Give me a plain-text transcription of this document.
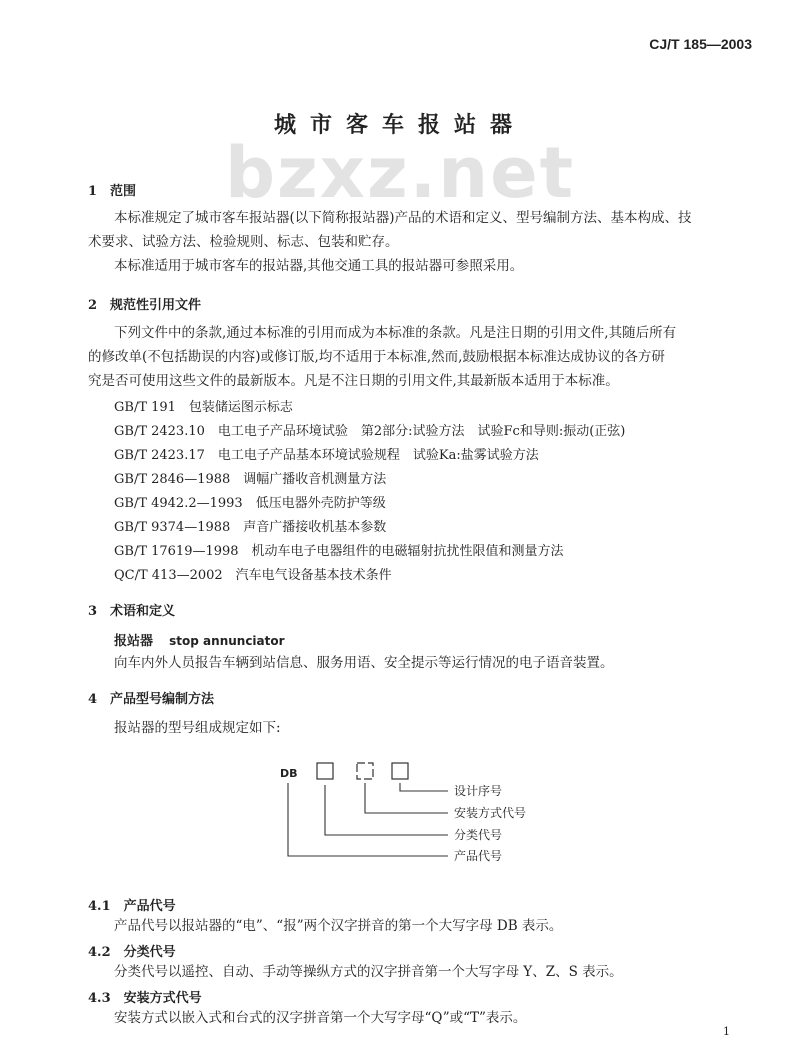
CJ/T 185—2003
bzxz.net
城市客车报站器
1　范围
本标准规定了城市客车报站器(以下简称报站器)产品的术语和定义、型号编制方法、基本构成、技
术要求、试验方法、检验规则、标志、包装和贮存。
本标准适用于城市客车的报站器,其他交通工具的报站器可参照采用。
2　规范性引用文件
下列文件中的条款,通过本标准的引用而成为本标准的条款。凡是注日期的引用文件,其随后所有
的修改单(不包括勘误的内容)或修订版,均不适用于本标准,然而,鼓励根据本标准达成协议的各方研
究是否可使用这些文件的最新版本。凡是不注日期的引用文件,其最新版本适用于本标准。
GB/T 191　包装储运图示标志
GB/T 2423.10　电工电子产品环境试验　第2部分:试验方法　试验Fc和导则:振动(正弦)
GB/T 2423.17　电工电子产品基本环境试验规程　试验Ka:盐雾试验方法
GB/T 2846—1988　调幅广播收音机测量方法
GB/T 4942.2—1993　低压电器外壳防护等级
GB/T 9374—1988　声音广播接收机基本参数
GB/T 17619—1998　机动车电子电器组件的电磁辐射抗扰性限值和测量方法
QC/T 413—2002　汽车电气设备基本技术条件
3　术语和定义
报站器 stop annunciator
向车内外人员报告车辆到站信息、服务用语、安全提示等运行情况的电子语音装置。
4　产品型号编制方法
报站器的型号组成规定如下:
DB
设计序号
安装方式代号
分类代号
产品代号
4.1　产品代号
产品代号以报站器的“电”、“报”两个汉字拼音的第一个大写字母 DB 表示。
4.2　分类代号
分类代号以遥控、自动、手动等操纵方式的汉字拼音第一个大写字母 Y、Z、S 表示。
4.3　安装方式代号
安装方式以嵌入式和台式的汉字拼音第一个大写字母“Q”或“T”表示。
1
